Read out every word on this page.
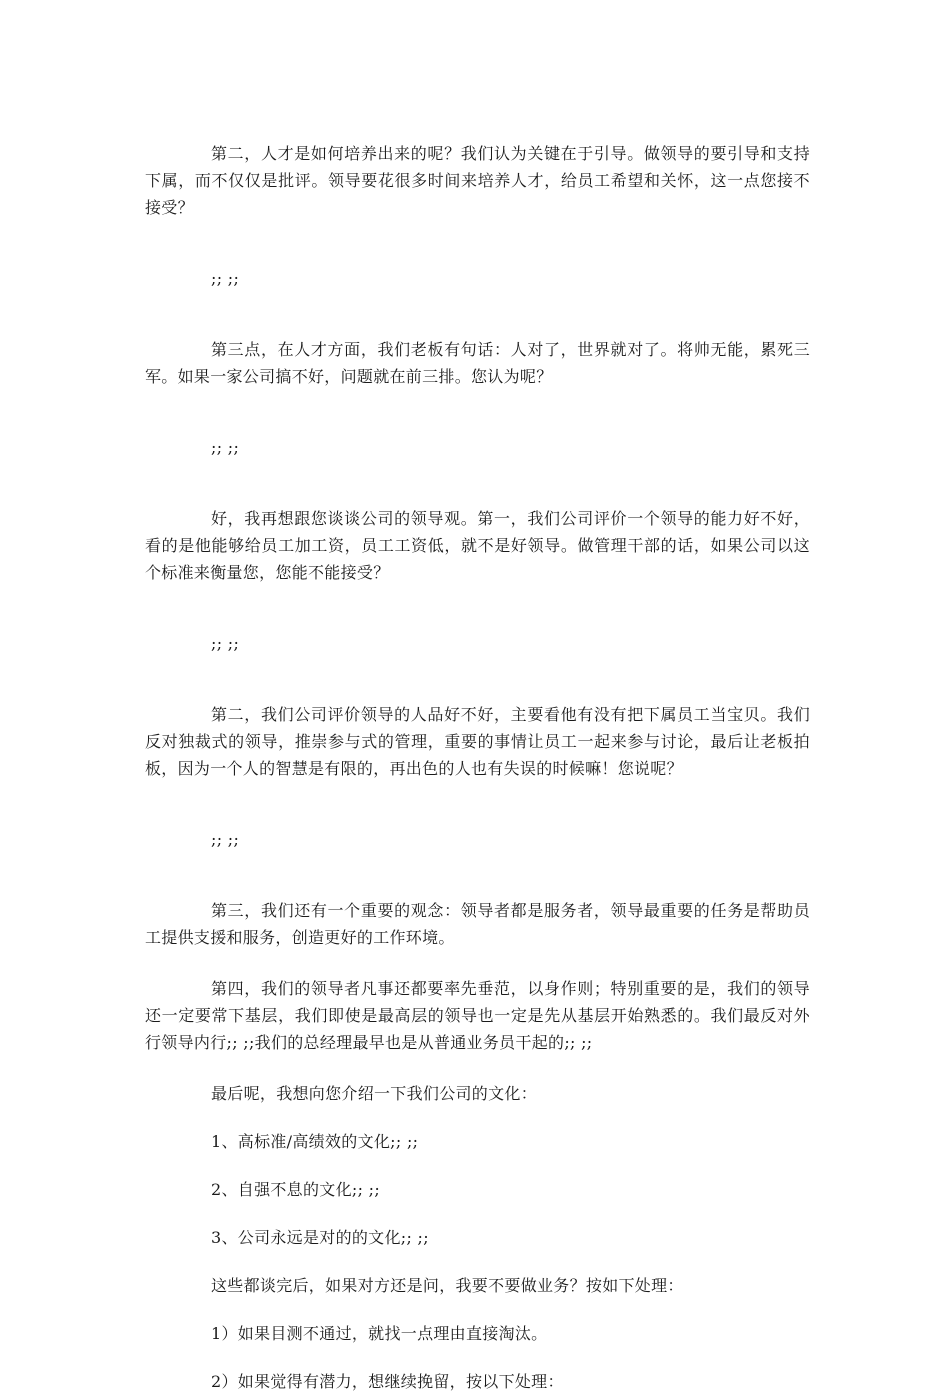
第二，人才是如何培养出来的呢？我们认为关键在于引导。做领导的要引导和支持下属，而不仅仅是批评。领导要花很多时间来培养人才，给员工希望和关怀，这一点您接不接受？

;; ;;

第三点，在人才方面，我们老板有句话：人对了，世界就对了。将帅无能，累死三军。如果一家公司搞不好，问题就在前三排。您认为呢？

;; ;;

好，我再想跟您谈谈公司的领导观。第一，我们公司评价一个领导的能力好不好，看的是他能够给员工加工资，员工工资低，就不是好领导。做管理干部的话，如果公司以这个标准来衡量您，您能不能接受？

;; ;;

第二，我们公司评价领导的人品好不好，主要看他有没有把下属员工当宝贝。我们反对独裁式的领导，推崇参与式的管理，重要的事情让员工一起来参与讨论，最后让老板拍板，因为一个人的智慧是有限的，再出色的人也有失误的时候嘛！您说呢？

;; ;;

第三，我们还有一个重要的观念：领导者都是服务者，领导最重要的任务是帮助员工提供支援和服务，创造更好的工作环境。

第四，我们的领导者凡事还都要率先垂范，以身作则；特别重要的是，我们的领导还一定要常下基层，我们即使是最高层的领导也一定是先从基层开始熟悉的。我们最反对外行领导内行;; ;;我们的总经理最早也是从普通业务员干起的;; ;;

最后呢，我想向您介绍一下我们公司的文化：

1、高标准/高绩效的文化;; ;;

2、自强不息的文化;; ;;

3、公司永远是对的的文化;; ;;

这些都谈完后，如果对方还是问，我要不要做业务？按如下处理：

1）如果目测不通过，就找一点理由直接淘汰。

2）如果觉得有潜力，想继续挽留，按以下处理：
